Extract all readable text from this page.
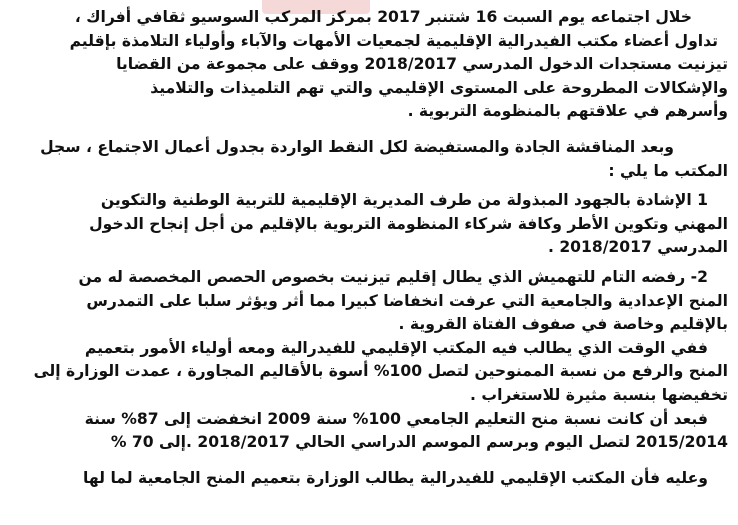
خلال اجتماعه يوم السبت 16 شتنبر 2017 بمركز المركب السوسيو ثقافي أفراك ،
تداول أعضاء مكتب الفيدرالية الإقليمية لجمعيات الأمهات والآباء وأولياء التلامذة بإقليم
تيزنيت مستجدات الدخول المدرسي 2018/2017 ووقف على مجموعة من القضايا
والإشكالات المطروحة على المستوى الإقليمي والتي تهم التلميذات والتلاميذ
وأسرهم في علاقتهم بالمنظومة التربوية .

وبعد المناقشة الجادة والمستفيضة لكل النقط الواردة بجدول أعمال الاجتماع ، سجل
المكتب ما يلي :

1 الإشادة بالجهود المبذولة من طرف المديرية الإقليمية للتربية الوطنية والتكوين
المهني وتكوين الأطر وكافة شركاء المنظومة التربوية بالإقليم من أجل إنجاح الدخول
المدرسي 2018/2017 .

2- رفضه التام للتهميش الذي يطال إقليم تيزنيت بخصوص الحصص المخصصة له من
المنح الإعدادية والجامعية التي عرفت انخفاضا كبيرا مما أثر ويؤثر سلبا على التمدرس
بالإقليم وخاصة في صفوف الفتاة القروية .
ففي الوقت الذي يطالب فيه المكتب الإقليمي للفيدرالية ومعه أولياء الأمور بتعميم
المنح والرفع من نسبة الممنوحين لتصل 100% أسوة بالأقاليم المجاورة ، عمدت الوزارة إلى
تخفيضها بنسبة مثيرة للاستغراب .
فبعد أن كانت نسبة منح التعليم الجامعي 100% سنة 2009 انخفضت إلى 87% سنة
2015/2014 لتصل اليوم وبرسم الموسم الدراسي الحالي 2018/2017 .إلى 70 %

وعليه فأن المكتب الإقليمي للفيدرالية يطالب الوزارة بتعميم المنح الجامعية لما لها
